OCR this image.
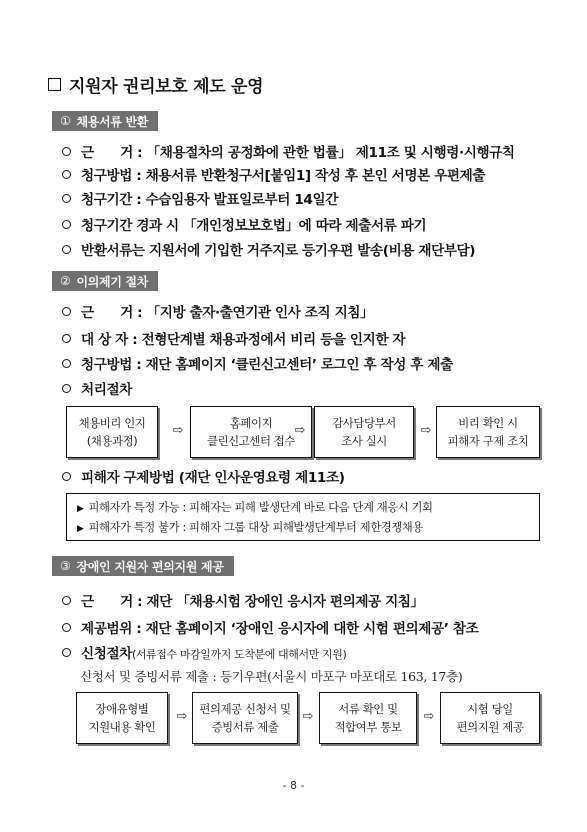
지원자 권리보호 제도 운영
① 채용서류 반환
근　　거 : 「채용절차의 공정화에 관한 법률」 제11조 및 시행령·시행규칙
청구방법 : 채용서류 반환청구서[붙임1] 작성 후 본인 서명본 우편제출
청구기간 : 수습임용자 발표일로부터 14일간
청구기간 경과 시 「개인정보보호법」에 따라 제출서류 파기
반환서류는 지원서에 기입한 거주지로 등기우편 발송(비용 재단부담)
② 이의제기 절차
근　　거 : 「지방 출자·출연기관 인사 조직 지침」
대 상 자 : 전형단계별 채용과정에서 비리 등을 인지한 자
청구방법 : 재단 홈페이지 ‘클린신고센터’ 로그인 후 작성 후 제출
처리절차
채용비리 인지
(채용과정)
⇨	홈페이지
클린신고센터 접수
⇨ 감사담당부서
조사 실시
⇨ 비리 확인 시
피해자 구제 조치
피해자 구제방법 (재단 인사운영요령 제11조)
▶ 피해자가 특정 가능 : 피해자는 피해 발생단계 바로 다음 단계 재응시 기회
▶ 피해자가 특정 불가 : 피해자 그룹 대상 피해발생단계부터 제한경쟁채용
③ 장애인 지원자 편의지원 제공
근　　거 : 재단 「채용시험 장애인 응시자 편의제공 지침」
제공범위 : 재단 홈페이지 ‘장애인 응시자에 대한 시험 편의제공’ 참조
신청절차(서류접수 마감일까지 도착분에 대해서만 지원)
신청서 및 증빙서류 제출 : 등기우편(서울시 마포구 마포대로 163, 17층)
장애유형별
지원내용 확인
⇨ 편의제공 신청서 및
증빙서류 제출
⇨ 서류 확인 및
적합여부 통보
⇨	시험 당일
편의지원 제공
- 8 -
